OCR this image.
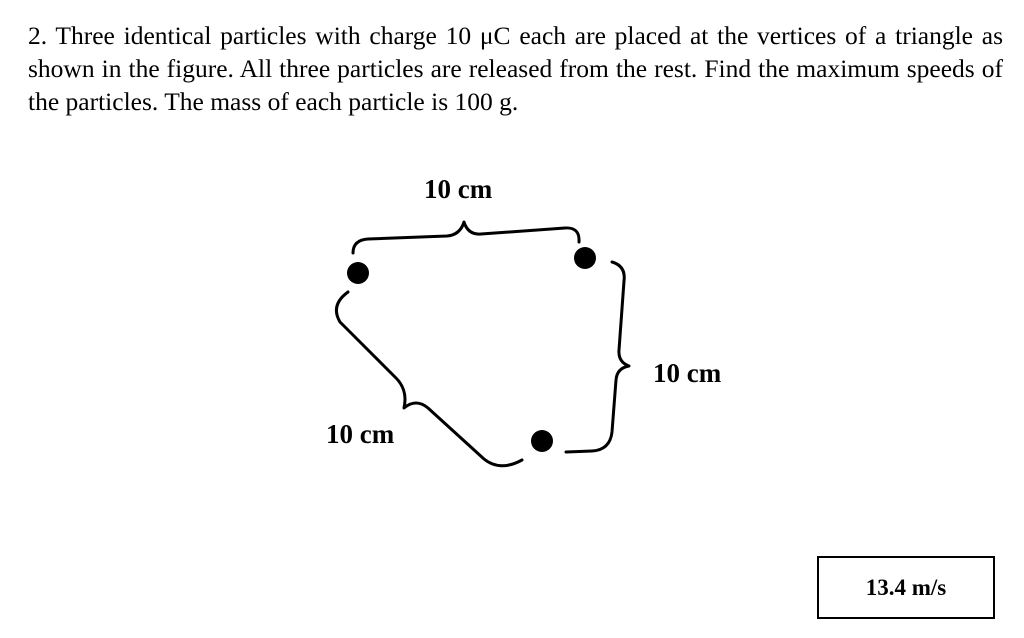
2. Three identical particles with charge 10 μC each are placed at the vertices of a triangle as shown in the figure. All three particles are released from the rest. Find the maximum speeds of the particles. The mass of each particle is 100 g.

10 cm
10 cm
10 cm
13.4 m/s
